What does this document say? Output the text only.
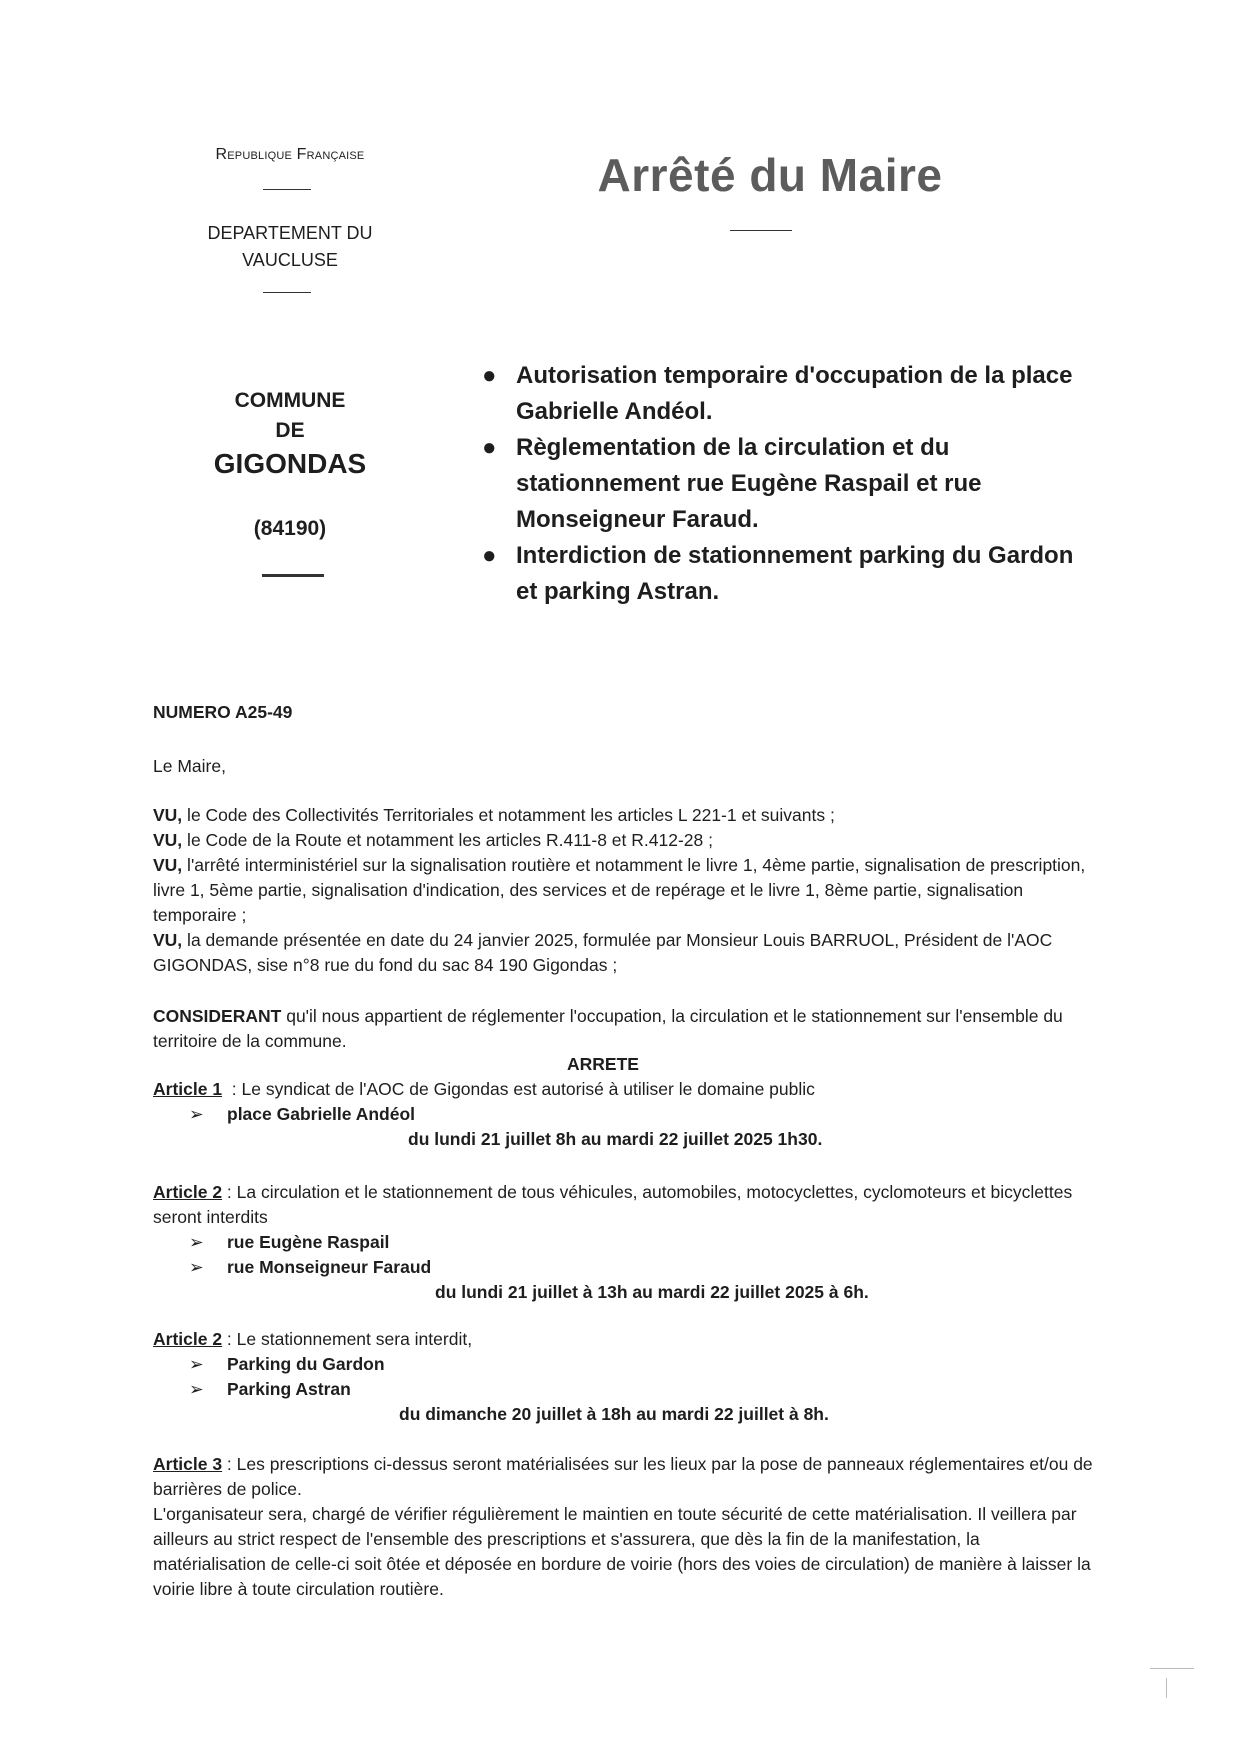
Republique Française
DEPARTEMENT DU
VAUCLUSE
COMMUNE
DE
GIGONDAS
(84190)
Arrêté du Maire
● Autorisation temporaire d'occupation de la place Gabrielle Andéol.
● Règlementation de la circulation et du stationnement rue Eugène Raspail et rue Monseigneur Faraud.
● Interdiction de stationnement parking du Gardon et parking Astran.
NUMERO A25-49
Le Maire,
VU, le Code des Collectivités Territoriales et notamment les articles L 221-1 et suivants ;
VU, le Code de la Route et notamment les articles R.411-8 et R.412-28 ;
VU, l'arrêté interministériel sur la signalisation routière et notamment le livre 1, 4ème partie, signalisation de prescription, livre 1, 5ème partie, signalisation d'indication, des services et de repérage et le livre 1, 8ème partie, signalisation temporaire ;
VU, la demande présentée en date du 24 janvier 2025, formulée par Monsieur Louis BARRUOL, Président de l'AOC GIGONDAS, sise n°8 rue du fond du sac 84 190 Gigondas ;
CONSIDERANT qu'il nous appartient de réglementer l'occupation, la circulation et le stationnement sur l'ensemble du territoire de la commune.
ARRETE
Article 1  : Le syndicat de l'AOC de Gigondas est autorisé à utiliser le domaine public
➢ place Gabrielle Andéol
du lundi 21 juillet 8h au mardi 22 juillet 2025 1h30.
Article 2 : La circulation et le stationnement de tous véhicules, automobiles, motocyclettes, cyclomoteurs et bicyclettes seront interdits
➢ rue Eugène Raspail
➢ rue Monseigneur Faraud
du lundi 21 juillet à 13h au mardi 22 juillet 2025 à 6h.
Article 2 : Le stationnement sera interdit,
➢ Parking du Gardon
➢ Parking Astran
du dimanche 20 juillet à 18h au mardi 22 juillet à 8h.
Article 3 : Les prescriptions ci-dessus seront matérialisées sur les lieux par la pose de panneaux réglementaires et/ou de barrières de police.
L'organisateur sera, chargé de vérifier régulièrement le maintien en toute sécurité de cette matérialisation. Il veillera par ailleurs au strict respect de l'ensemble des prescriptions et s'assurera, que dès la fin de la manifestation, la matérialisation de celle-ci soit ôtée et déposée en bordure de voirie (hors des voies de circulation) de manière à laisser la voirie libre à toute circulation routière.
